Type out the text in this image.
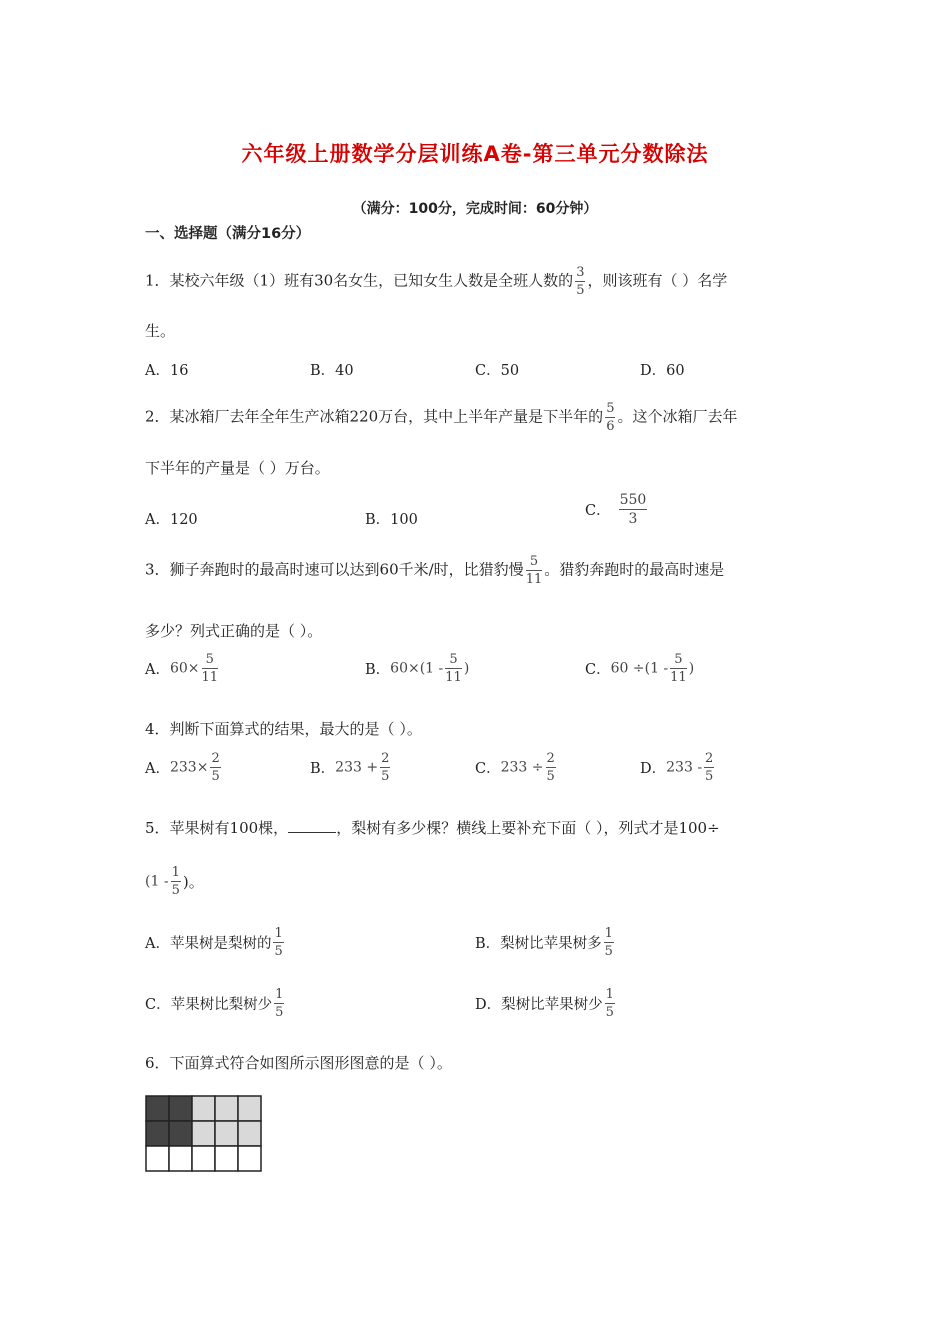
六年级上册数学分层训练A卷-第三单元分数除法
（满分：100分，完成时间：60分钟）
一、选择题（满分16分）
1．某校六年级（1）班有30名女生，已知女生人数是全班人数的 $\frac{3}{5}$ ，则该班有（ ）名学
生。
A．16	B．40	C．50	D．60
2．某冰箱厂去年全年生产冰箱220万台，其中上半年产量是下半年的 $\frac{5}{6}$ 。这个冰箱厂去年
下半年的产量是（ ）万台。
A．120	B．100
C． $\frac{550}{3}$
3．狮子奔跑时的最高时速可以达到60千米/时，比猎豹慢 $\frac{5}{11}$ 。猎豹奔跑时的最高时速是
多少？列式正确的是（ ）。
A．$60\times \frac{5}{11}$	B．$60\times(1 - \frac{5}{11}$ )	C．$60 \div(1 - \frac{5}{11}$ )
4．判断下面算式的结果，最大的是（ ）。
A．$233\times \frac{2}{5}$	B．$233 + \frac{2}{5}$	C．$233 \div \frac{2}{5}$	D．$233 - \frac{2}{5}$
5．苹果树有100棵，	，梨树有多少棵？横线上要补充下面（ ），列式才是100÷
($1 - \frac{1}{5}$ )。
A．苹果树是梨树的 $\frac{1}{5}$	B．梨树比苹果树多 $\frac{1}{5}$
C．苹果树比梨树少 $\frac{1}{5}$	D．梨树比苹果树少 $\frac{1}{5}$
6．下面算式符合如图所示图形图意的是（ ）。
